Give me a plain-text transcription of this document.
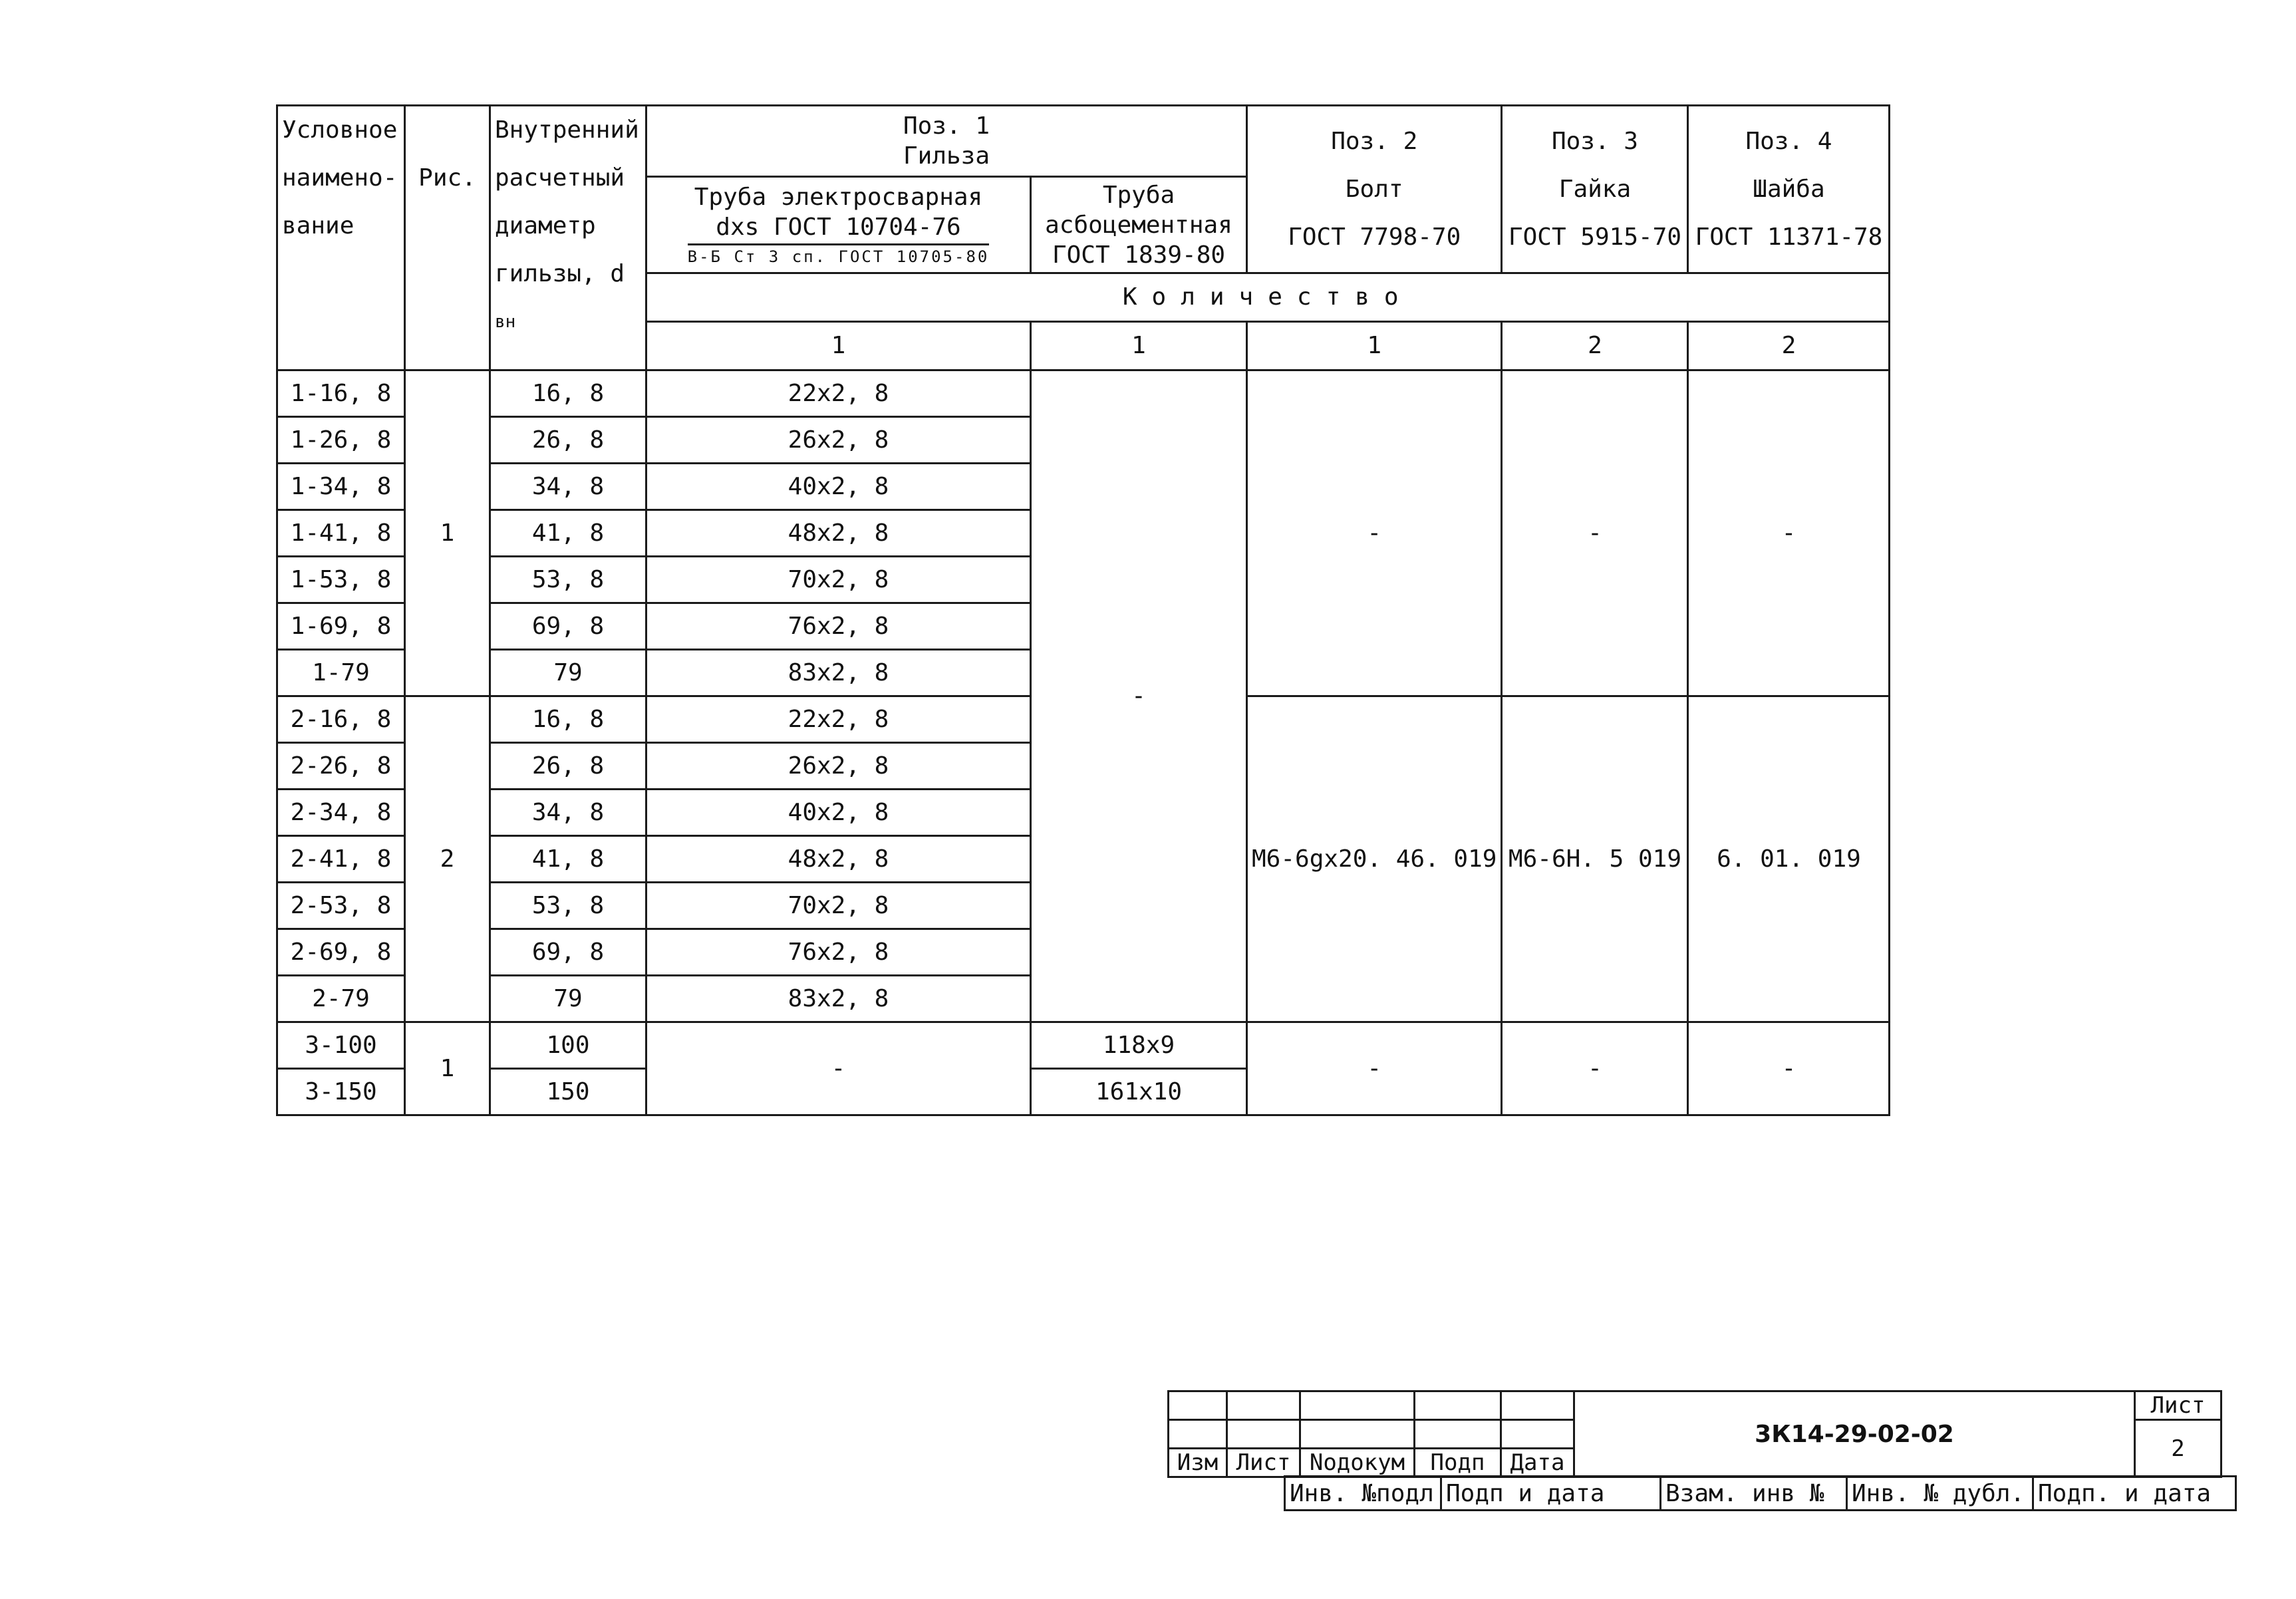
Условное
наимено-
вание	Рис.	Внутренний
расчетный
диаметр
гильзы, d
вн	Поз. 1
Гильза		Поз. 2
Болт
ГОСТ 7798-70	Поз. 3
Гайка
ГОСТ 5915-70	Поз. 4
Шайба
ГОСТ 11371-78

			Труба электросварная
dxs ГОСТ 10704-76
В-Б Ст 3 сп. ГОСТ 10705-80	Труба
асбоцементная
ГОСТ 1839-80			

			Количество				
			1	1	1	2	2
1-16, 8	1	16, 8	22x2, 8	-	-	-	-
1-26, 8		26, 8	26x2, 8				
1-34, 8		34, 8	40x2, 8				
1-41, 8		41, 8	48x2, 8				
1-53, 8		53, 8	70x2, 8				
1-69, 8		69, 8	76x2, 8				
1-79		79	83x2, 8				
2-16, 8	2	16, 8	22x2, 8		М6-6gx20. 46. 019	М6-6Н. 5 019	6. 01. 019
2-26, 8		26, 8	26x2, 8				
2-34, 8		34, 8	40x2, 8				
2-41, 8		41, 8	48x2, 8				
2-53, 8		53, 8	70x2, 8				
2-69, 8		69, 8	76x2, 8				
2-79		79	83x2, 8				
3-100	1	100	-	118x9	-	-	-
3-150		150		161x10			
					3К14-29-02-02	Лист
						2
Изм	Лист	Nодокум	Подп	Дата		
Инв. №подл	Подп и дата	Взам. инв №	Инв. № дубл.	Подп. и дата
